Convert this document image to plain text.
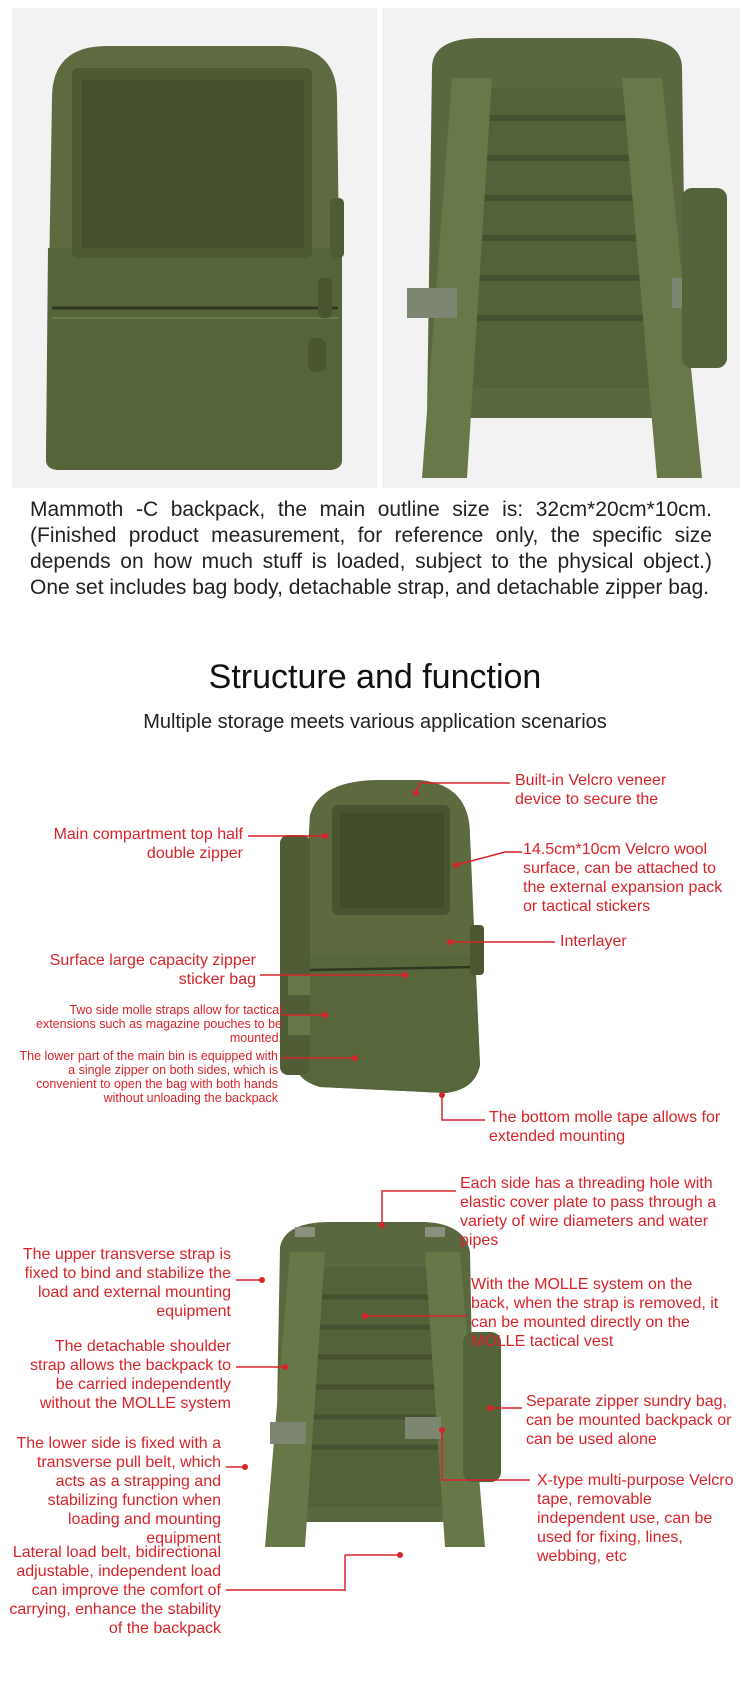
Mammoth -C backpack, the main outline size is: 32cm*20cm*10cm. (Finished product measurement, for reference only, the specific size depends on how much stuff is loaded, subject to the physical object.) One set includes bag body, detachable strap, and detachable zipper bag.
Structure and function
Multiple storage meets various application scenarios
Built-in Velcro veneer device to secure the
Main compartment top half double zipper	14.5cm*10cm Velcro wool surface, can be attached to the external expansion pack or tactical stickers
Interlayer
Surface large capacity zipper sticker bag
Two side molle straps allow for tactical extensions such as magazine pouches to be mounted.
The lower part of the main bin is equipped with a single zipper on both sides, which is convenient to open the bag with both hands without unloading the backpack
The bottom molle tape allows for extended mounting
Each side has a threading hole with elastic cover plate to pass through a variety of wire diameters and water pipes
The upper transverse strap is fixed to bind and stabilize the load and external mounting equipment
With the MOLLE system on the back, when the strap is removed, it can be mounted directly on the MOLLE tactical vest
The detachable shoulder strap allows the backpack to be carried independently without the MOLLE system	Separate zipper sundry bag, can be mounted backpack or can be used alone
The lower side is fixed with a transverse pull belt, which acts as a strapping and stabilizing function when loading and mounting equipment
X-type multi-purpose Velcro tape, removable independent use, can be used for fixing, lines, webbing, etc
Lateral load belt, bidirectional adjustable, independent load can improve the comfort of carrying, enhance the stability of the backpack
